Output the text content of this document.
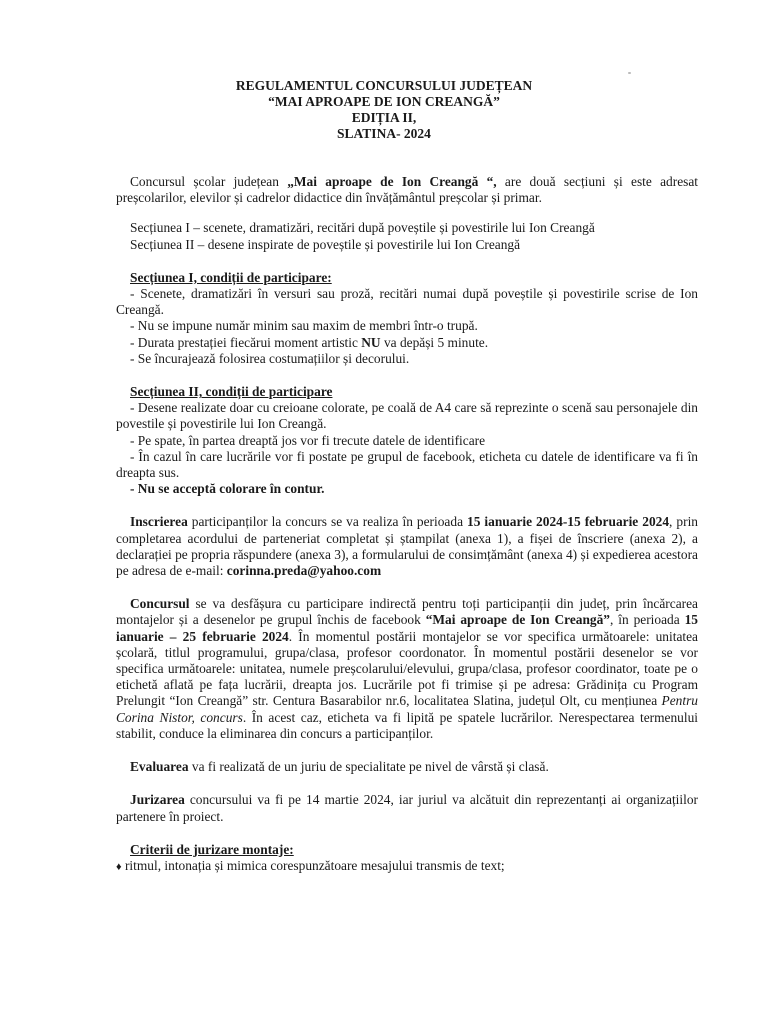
REGULAMENTUL CONCURSULUI JUDEȚEAN
“MAI APROAPE DE ION CREANGĂ”
EDIȚIA II,
SLATINA- 2024

Concursul școlar județean „Mai aproape de Ion Creangă “, are două secțiuni și este adresat preșcolarilor, elevilor și cadrelor didactice din învățământul preșcolar și primar.

Secțiunea I – scenete, dramatizări, recitări după poveștile și povestirile lui Ion Creangă

Secțiunea II – desene inspirate de poveștile și povestirile lui Ion Creangă

Secțiunea I, condiții de participare:

- Scenete, dramatizări în versuri sau proză, recitări numai după poveștile și povestirile scrise de Ion Creangă.

- Nu se impune număr minim sau maxim de membri într-o trupă.

- Durata prestației fiecărui moment artistic NU va depăși 5 minute.

- Se încurajează folosirea costumațiilor și decorului.

Secțiunea II, condiții de participare

- Desene realizate doar cu creioane colorate, pe coală de A4 care să reprezinte o scenă sau personajele din povestile și povestirile lui Ion Creangă.

- Pe spate, în partea dreaptă jos vor fi trecute datele de identificare

- În cazul în care lucrările vor fi postate pe grupul de facebook, eticheta cu datele de identificare va fi în dreapta sus.

- Nu se acceptă colorare în contur.

Inscrierea participanților la concurs se va realiza în perioada 15 ianuarie 2024-15 februarie 2024, prin completarea acordului de parteneriat completat și ștampilat (anexa 1), a fișei de înscriere (anexa 2), a declarației pe propria răspundere (anexa 3), a formularului de consimțământ (anexa 4) și expedierea acestora pe adresa de e-mail: corinna.preda@yahoo.com

Concursul se va desfășura cu participare indirectă pentru toți participanții din județ, prin încărcarea montajelor și a desenelor pe grupul închis de facebook “Mai aproape de Ion Creangă”, în perioada 15 ianuarie – 25 februarie 2024. În momentul postării montajelor se vor specifica următoarele: unitatea școlară, titlul programului, grupa/clasa, profesor coordonator. În momentul postării desenelor se vor specifica următoarele: unitatea, numele preșcolarului/elevului, grupa/clasa, profesor coordinator, toate pe o etichetă aflată pe fața lucrării, dreapta jos. Lucrările pot fi trimise și pe adresa: Grădinița cu Program Prelungit “Ion Creangă” str. Centura Basarabilor nr.6, localitatea Slatina, județul Olt, cu mențiunea Pentru Corina Nistor, concurs. În acest caz, eticheta va fi lipită pe spatele lucrărilor. Nerespectarea termenului stabilit, conduce la eliminarea din concurs a participanților.

Evaluarea va fi realizată de un juriu de specialitate pe nivel de vârstă și clasă.

Jurizarea concursului va fi pe 14 martie 2024, iar juriul va alcătuit din reprezentanți ai organizațiilor partenere în proiect.

Criterii de jurizare montaje:

♦ ritmul, intonația și mimica corespunzătoare mesajului transmis de text;
